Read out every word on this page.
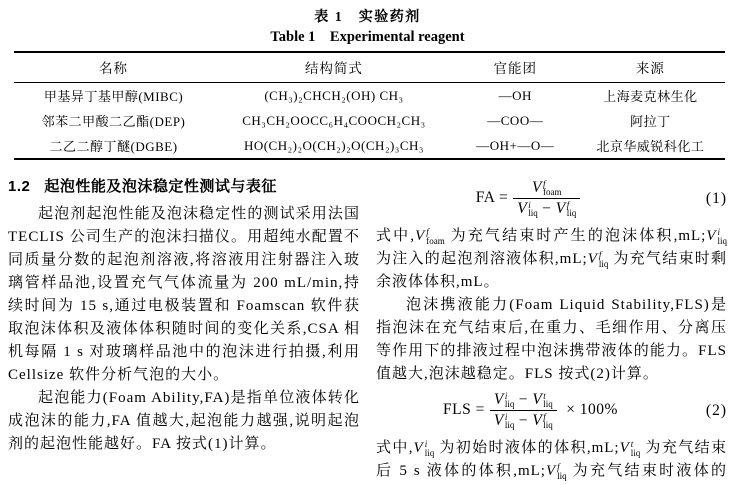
表 1 实验药剂
Table 1 Experimental reagent
名称	结构简式	官能团	来源
甲基异丁基甲醇(MIBC)	(CH₃)₂CHCH₂(OH) CH₃	—OH	上海麦克林生化
邻苯二甲酸二乙酯(DEP)	CH₃CH₂OOCC₆H₄COOCH₂CH₃	—COO—	阿拉丁
二乙二醇丁醚(DGBE)	HO(CH₂)₂O(CH₂)₂O(CH₂)₃CH₃	—OH+—O—	北京华威锐科化工
1.2 起泡性能及泡沫稳定性测试与表征

起泡剂起泡性能及泡沫稳定性的测试采用法国 TECLIS 公司生产的泡沫扫描仪。用超纯水配置不同质量分数的起泡剂溶液,将溶液用注射器注入玻璃管样品池,设置充气气体流量为 200 mL/min,持续时间为 15 s,通过电极装置和 Foamscan 软件获取泡沫体积及液体体积随时间的变化关系,CSA 相机每隔 1 s 对玻璃样品池中的泡沫进行拍摄,利用 Cellsize 软件分析气泡的大小。

起泡能力(Foam Ability,FA)是指单位液体转化成泡沫的能力,FA 值越大,起泡能力越强,说明起泡剂的起泡性能越好。FA 按式(1)计算。

FA = V f
foam
V i
liq − V f
liq	(1)

式中,V f
foam 为充气结束时产生的泡沫体积,mL;V i
liq
为注入的起泡剂溶液体积,mL;V f
liq 为充气结束时剩余液体体积,mL。

泡沫携液能力(Foam Liquid Stability,FLS)是指泡沫在充气结束后,在重力、毛细作用、分离压等作用下的排液过程中泡沫携带液体的能力。FLS 值越大,泡沫越稳定。FLS 按式(2)计算。

FLS = V i
liq − V t
liq
V i
liq − V f
liq × 100%	(2)

式中,V i
liq 为初始时液体的体积,mL;V t
liq 为充气结束后 5 s 液体的体积,mL;V f
liq 为充气结束时液体的
